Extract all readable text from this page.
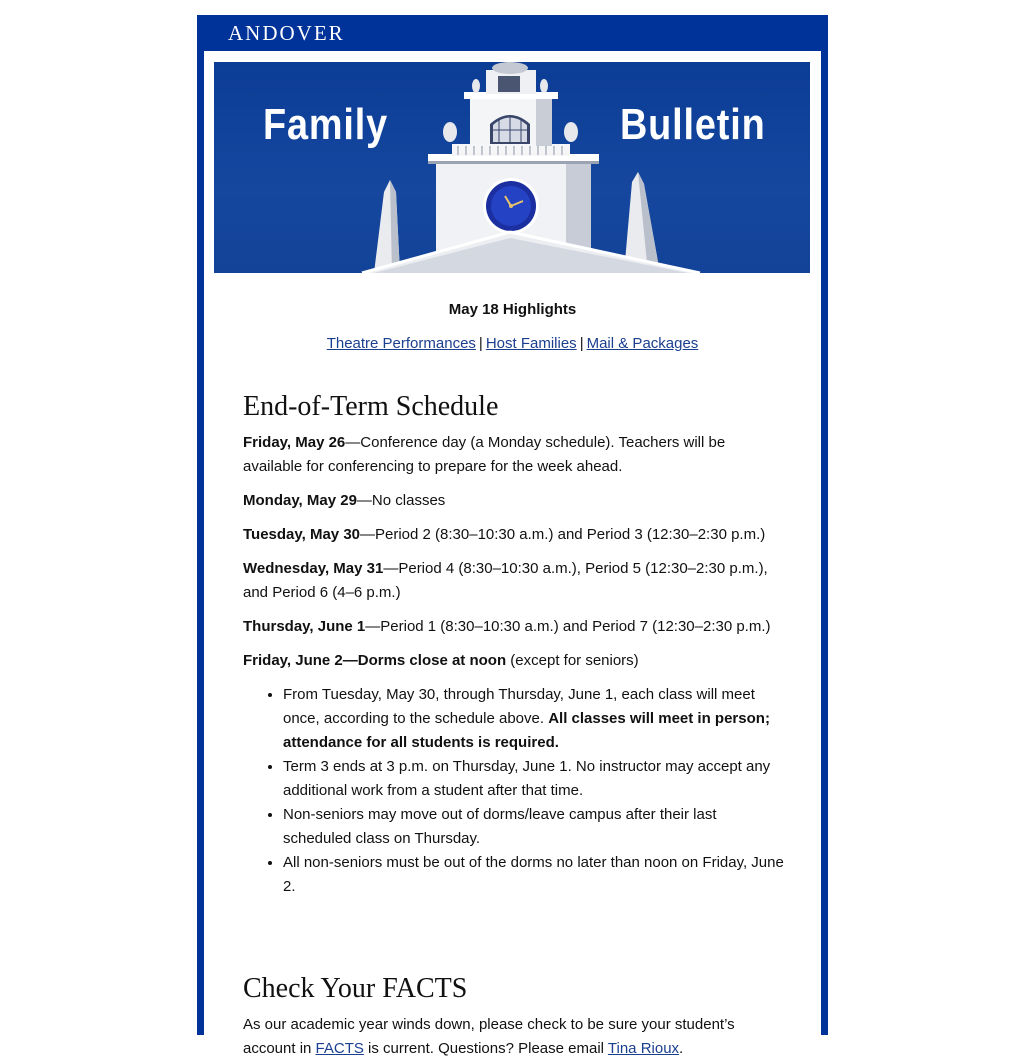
ANDOVER
Family	Bulletin
May 18 Highlights
Theatre Performances | Host Families | Mail & Packages
End-of-Term Schedule

Friday, May 26—Conference day (a Monday schedule). Teachers will be available for conferencing to prepare for the week ahead.

Monday, May 29—No classes

Tuesday, May 30—Period 2 (8:30–10:30 a.m.) and Period 3 (12:30–2:30 p.m.)

Wednesday, May 31—Period 4 (8:30–10:30 a.m.), Period 5 (12:30–2:30 p.m.), and Period 6 (4–6 p.m.)

Thursday, June 1—Period 1 (8:30–10:30 a.m.) and Period 7 (12:30–2:30 p.m.)

Friday, June 2—Dorms close at noon (except for seniors)

• From Tuesday, May 30, through Thursday, June 1, each class will meet once, according to the schedule above. All classes will meet in person; attendance for all students is required.
• Term 3 ends at 3 p.m. on Thursday, June 1. No instructor may accept any additional work from a student after that time.
• Non-seniors may move out of dorms/leave campus after their last scheduled class on Thursday.
• All non-seniors must be out of the dorms no later than noon on Friday, June 2.
Check Your FACTS

As our academic year winds down, please check to be sure your student’s account in FACTS is current. Questions? Please email Tina Rioux.
